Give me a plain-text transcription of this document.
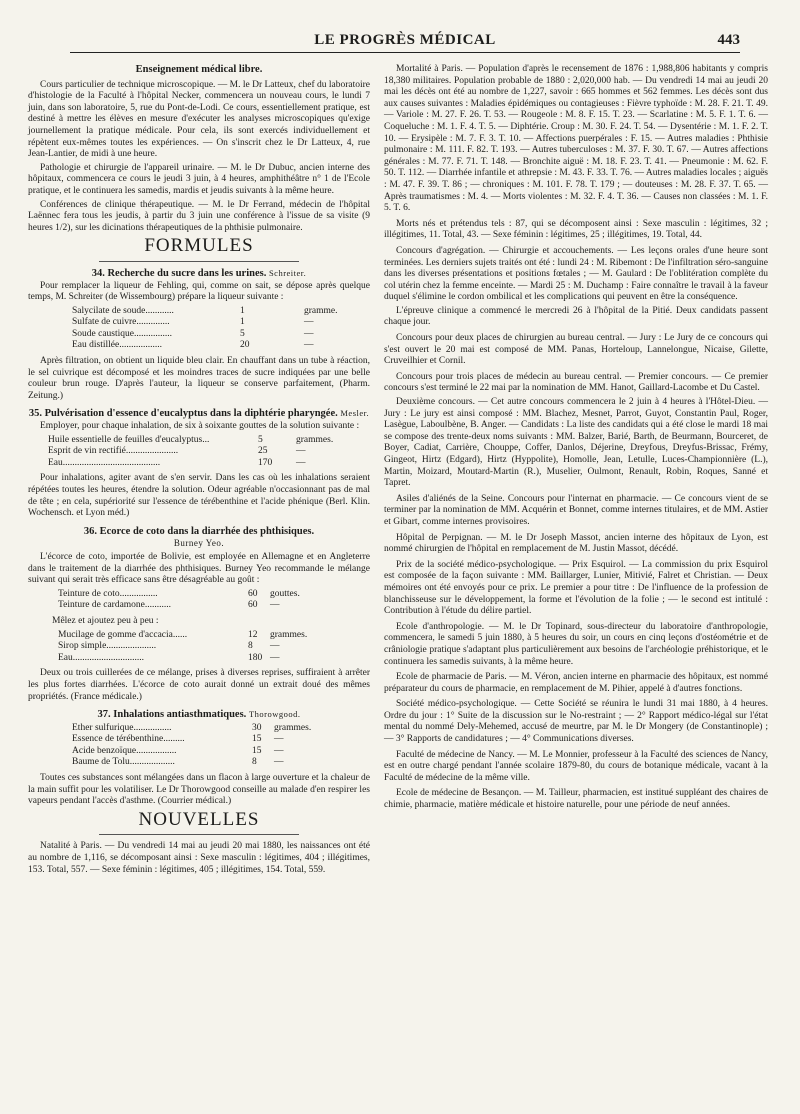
LE PROGRÈS MÉDICAL	443
Enseignement médical libre.

Cours particulier de technique microscopique. — M. le Dr Latteux, chef du laboratoire d'histologie de la Faculté à l'hôpital Necker, commencera un nouveau cours, le lundi 7 juin, dans son laboratoire, 5, rue du Pont-de-Lodi. Ce cours, essentiellement pratique, est destiné à mettre les élèves en mesure d'exécuter les analyses microscopiques qu'exige journellement la pratique médicale. Pour cela, ils sont exercés individuellement et répètent eux-mêmes toutes les expériences. — On s'inscrit chez le Dr Latteux, 4, rue Jean-Lantier, de midi à une heure.

Pathologie et chirurgie de l'appareil urinaire. — M. le Dr Dubuc, ancien interne des hôpitaux, commencera ce cours le jeudi 3 juin, à 4 heures, amphithéâtre n° 1 de l'Ecole pratique, et le continuera les samedis, mardis et jeudis suivants à la même heure.

Conférences de clinique thérapeutique. — M. le Dr Ferrand, médecin de l'hôpital Laënnec fera tous les jeudis, à partir du 3 juin une conférence à l'issue de sa visite (9 heures 1/2), sur les dicinations thérapeutiques de la phthisie pulmonaire.

FORMULES
34. Recherche du sucre dans les urines. Schreiter.

Pour remplacer la liqueur de Fehling, qui, comme on sait, se dépose après quelque temps, M. Schreiter (de Wissembourg) prépare la liqueur suivante :

Salycilate de soude............	1	gramme.
Sulfate de cuivre..............	1	—
Soude caustique................	5	—
Eau distillée..................	20	—

Après filtration, on obtient un liquide bleu clair. En chauffant dans un tube à réaction, le sel cuivrique est décomposé et les moindres traces de sucre indiquées par une belle couleur brun rouge. D'après l'auteur, la liqueur se conserve parfaitement, (Pharm. Zeitung.)

35. Pulvérisation d'essence d'eucalyptus dans la diphtérie pharyngée. Mesler.

Employer, pour chaque inhalation, de six à soixante gouttes de la solution suivante :

Huile essentielle de feuilles d'eucalyptus...	5	grammes.
Esprit de vin rectifié......................	25	—
Eau.........................................	170	—

Pour inhalations, agiter avant de s'en servir. Dans les cas où les inhalations seraient répétées toutes les heures, étendre la solution. Odeur agréable n'occasionnant pas de mal de tête ; en cela, supériorité sur l'essence de térébenthine et l'acide phénique (Berl. Klin. Wochensch. et Lyon méd.)

36. Ecorce de coto dans la diarrhée des phthisiques.
Burney Yeo.

L'écorce de coto, importée de Bolivie, est employée en Allemagne et en Angleterre dans le traitement de la diarrhée des phthisiques. Burney Yeo recommande le mélange suivant qui serait très efficace sans être désagréable au goût :

Teinture de coto................	60	gouttes.
Teinture de cardamone...........	60	—
Mêlez et ajoutez peu à peu :
Mucilage de gomme d'accacia......	12	grammes.
Sirop simple.....................	8	—
Eau..............................	180 —

Deux ou trois cuillerées de ce mélange, prises à diverses reprises, suffiraient à arrêter les plus fortes diarrhées. L'écorce de coto aurait donné un extrait doué des mêmes propriétés. (France médicale.)

37. Inhalations antiasthmatiques. Thorowgood.
Ether sulfurique................	30	grammes.
Essence de térébenthine.........	15	—
Acide benzoïque.................	15	—
Baume de Tolu...................	8	—

Toutes ces substances sont mélangées dans un flacon à large ouverture et la chaleur de la main suffit pour les volatiliser. Le Dr Thorowgood conseille au malade d'en respirer les vapeurs pendant l'accès d'asthme. (Courrier médical.)

NOUVELLES

Natalité à Paris. — Du vendredi 14 mai au jeudi 20 mai 1880, les naissances ont été au nombre de 1,116, se décomposant ainsi : Sexe masculin : légitimes, 404 ; illégitimes, 153. Total, 557. — Sexe féminin : légitimes, 405 ; illégitimes, 154. Total, 559.

Mortalité à Paris. — Population d'après le recensement de 1876 : 1,988,806 habitants y compris 18,380 militaires. Population probable de 1880 : 2,020,000 hab. — Du vendredi 14 mai au jeudi 20 mai les décès ont été au nombre de 1,227, savoir : 665 hommes et 562 femmes. Les décès sont dus aux causes suivantes : Maladies épidémiques ou contagieuses : Fièvre typhoïde : M. 28. F. 21. T. 49. — Variole : M. 27. F. 26. T. 53. — Rougeole : M. 8. F. 15. T. 23. — Scarlatine : M. 5. F. 1. T. 6. — Coqueluche : M. 1. F. 4. T. 5. — Diphtérie. Croup : M. 30. F. 24. T. 54. — Dysentérie : M. 1. F. 2. T. 10. — Erysipèle : M. 7. F. 3. T. 10. — Affections puerpérales : F. 15. — Autres maladies : Phthisie pulmonaire : M. 111. F. 82. T. 193. — Autres tuberculoses : M. 37. F. 30. T. 67. — Autres affections générales : M. 77. F. 71. T. 148. — Bronchite aiguë : M. 18. F. 23. T. 41. — Pneumonie : M. 62. F. 50. T. 112. — Diarrhée infantile et athrepsie : M. 43. F. 33. T. 76. — Autres maladies locales ; aiguës : M. 47. F. 39. T. 86 ; — chroniques : M. 101. F. 78. T. 179 ; — douteuses : M. 28. F. 37. T. 65. — Après traumatismes : M. 4. — Morts violentes : M. 32. F. 4. T. 36. — Causes non classées : M. 1. F. 5. T. 6.

Morts nés et prétendus tels : 87, qui se décomposent ainsi : Sexe masculin : légitimes, 32 ; illégitimes, 11. Total, 43. — Sexe féminin : légitimes, 25 ; illégitimes, 19. Total, 44.

Concours d'agrégation. — Chirurgie et accouchements. — Les leçons orales d'une heure sont terminées. Les derniers sujets traités ont été : lundi 24 : M. Ribemont : De l'infiltration séro-sanguine dans les diverses présentations et positions fœtales ; — M. Gaulard : De l'oblitération complète du col utérin chez la femme enceinte. — Mardi 25 : M. Duchamp : Faire connaître le travail à la faveur duquel s'élimine le cordon ombilical et les complications qui peuvent en être la conséquence.

L'épreuve clinique a commencé le mercredi 26 à l'hôpital de la Pitié. Deux candidats passent chaque jour.

Concours pour deux places de chirurgien au bureau central. — Jury : Le Jury de ce concours qui s'est ouvert le 20 mai est composé de MM. Panas, Horteloup, Lannelongue, Nicaise, Gilette, Cruveilhier et Cornil.

Concours pour trois places de médecin au bureau central. — Premier concours. — Ce premier concours s'est terminé le 22 mai par la nomination de MM. Hanot, Gaillard-Lacombe et Du Castel.

Deuxième concours. — Cet autre concours commencera le 2 juin à 4 heures à l'Hôtel-Dieu. — Jury : Le jury est ainsi composé : MM. Blachez, Mesnet, Parrot, Guyot, Constantin Paul, Roger, Lasègue, Laboulbène, B. Anger. — Candidats : La liste des candidats qui a été close le mardi 18 mai se compose des trente-deux noms suivants : MM. Balzer, Barié, Barth, de Beurmann, Bourceret, de Boyer, Cadiat, Carrière, Chouppe, Coffer, Danlos, Déjerine, Dreyfous, Dreyfus-Brissac, Frémy, Gingeot, Hirtz (Edgard), Hirtz (Hyppolite), Homolle, Jean, Letulle, Luces-Championnière (L.), Martin, Moizard, Moutard-Martin (R.), Muselier, Oulmont, Renault, Robin, Roques, Sanné et Tapret.

Asiles d'aliénés de la Seine. Concours pour l'internat en pharmacie. — Ce concours vient de se terminer par la nomination de MM. Acquérin et Bonnet, comme internes titulaires, et de MM. Astier et Gibart, comme internes provisoires.

Hôpital de Perpignan. — M. le Dr Joseph Massot, ancien interne des hôpitaux de Lyon, est nommé chirurgien de l'hôpital en remplacement de M. Justin Massot, décédé.

Prix de la société médico-psychologique. — Prix Esquirol. — La commission du prix Esquirol est composée de la façon suivante : MM. Baillarger, Lunier, Mitivié, Falret et Christian. — Deux mémoires ont été envoyés pour ce prix. Le premier a pour titre : De l'influence de la profession de blanchisseuse sur le développement, la forme et l'évolution de la folie ; — le second est intitulé : Contribution à l'étude du délire partiel.

Ecole d'anthropologie. — M. le Dr Topinard, sous-directeur du laboratoire d'anthropologie, commencera, le samedi 5 juin 1880, à 5 heures du soir, un cours en cinq leçons d'ostéométrie et de crâniologie pratique s'adaptant plus particulièrement aux besoins de l'archéologie préhistorique, et le continuera les samedis suivants, à la même heure.

Ecole de pharmacie de Paris. — M. Véron, ancien interne en pharmacie des hôpitaux, est nommé préparateur du cours de pharmacie, en remplacement de M. Pihier, appelé à d'autres fonctions.

Société médico-psychologique. — Cette Société se réunira le lundi 31 mai 1880, à 4 heures. Ordre du jour : 1° Suite de la discussion sur le No-restraint ; — 2° Rapport médico-légal sur l'état mental du nommé Dely-Mehemed, accusé de meurtre, par M. le Dr Mongery (de Constantinople) ; — 3° Rapports de candidatures ; — 4° Communications diverses.

Faculté de médecine de Nancy. — M. Le Monnier, professeur à la Faculté des sciences de Nancy, est en outre chargé pendant l'année scolaire 1879-80, du cours de botanique médicale, vacant à la Faculté de médecine de la même ville.

Ecole de médecine de Besançon. — M. Tailleur, pharmacien, est institué suppléant des chaires de chimie, pharmacie, matière médicale et histoire naturelle, pour une période de neuf années.
